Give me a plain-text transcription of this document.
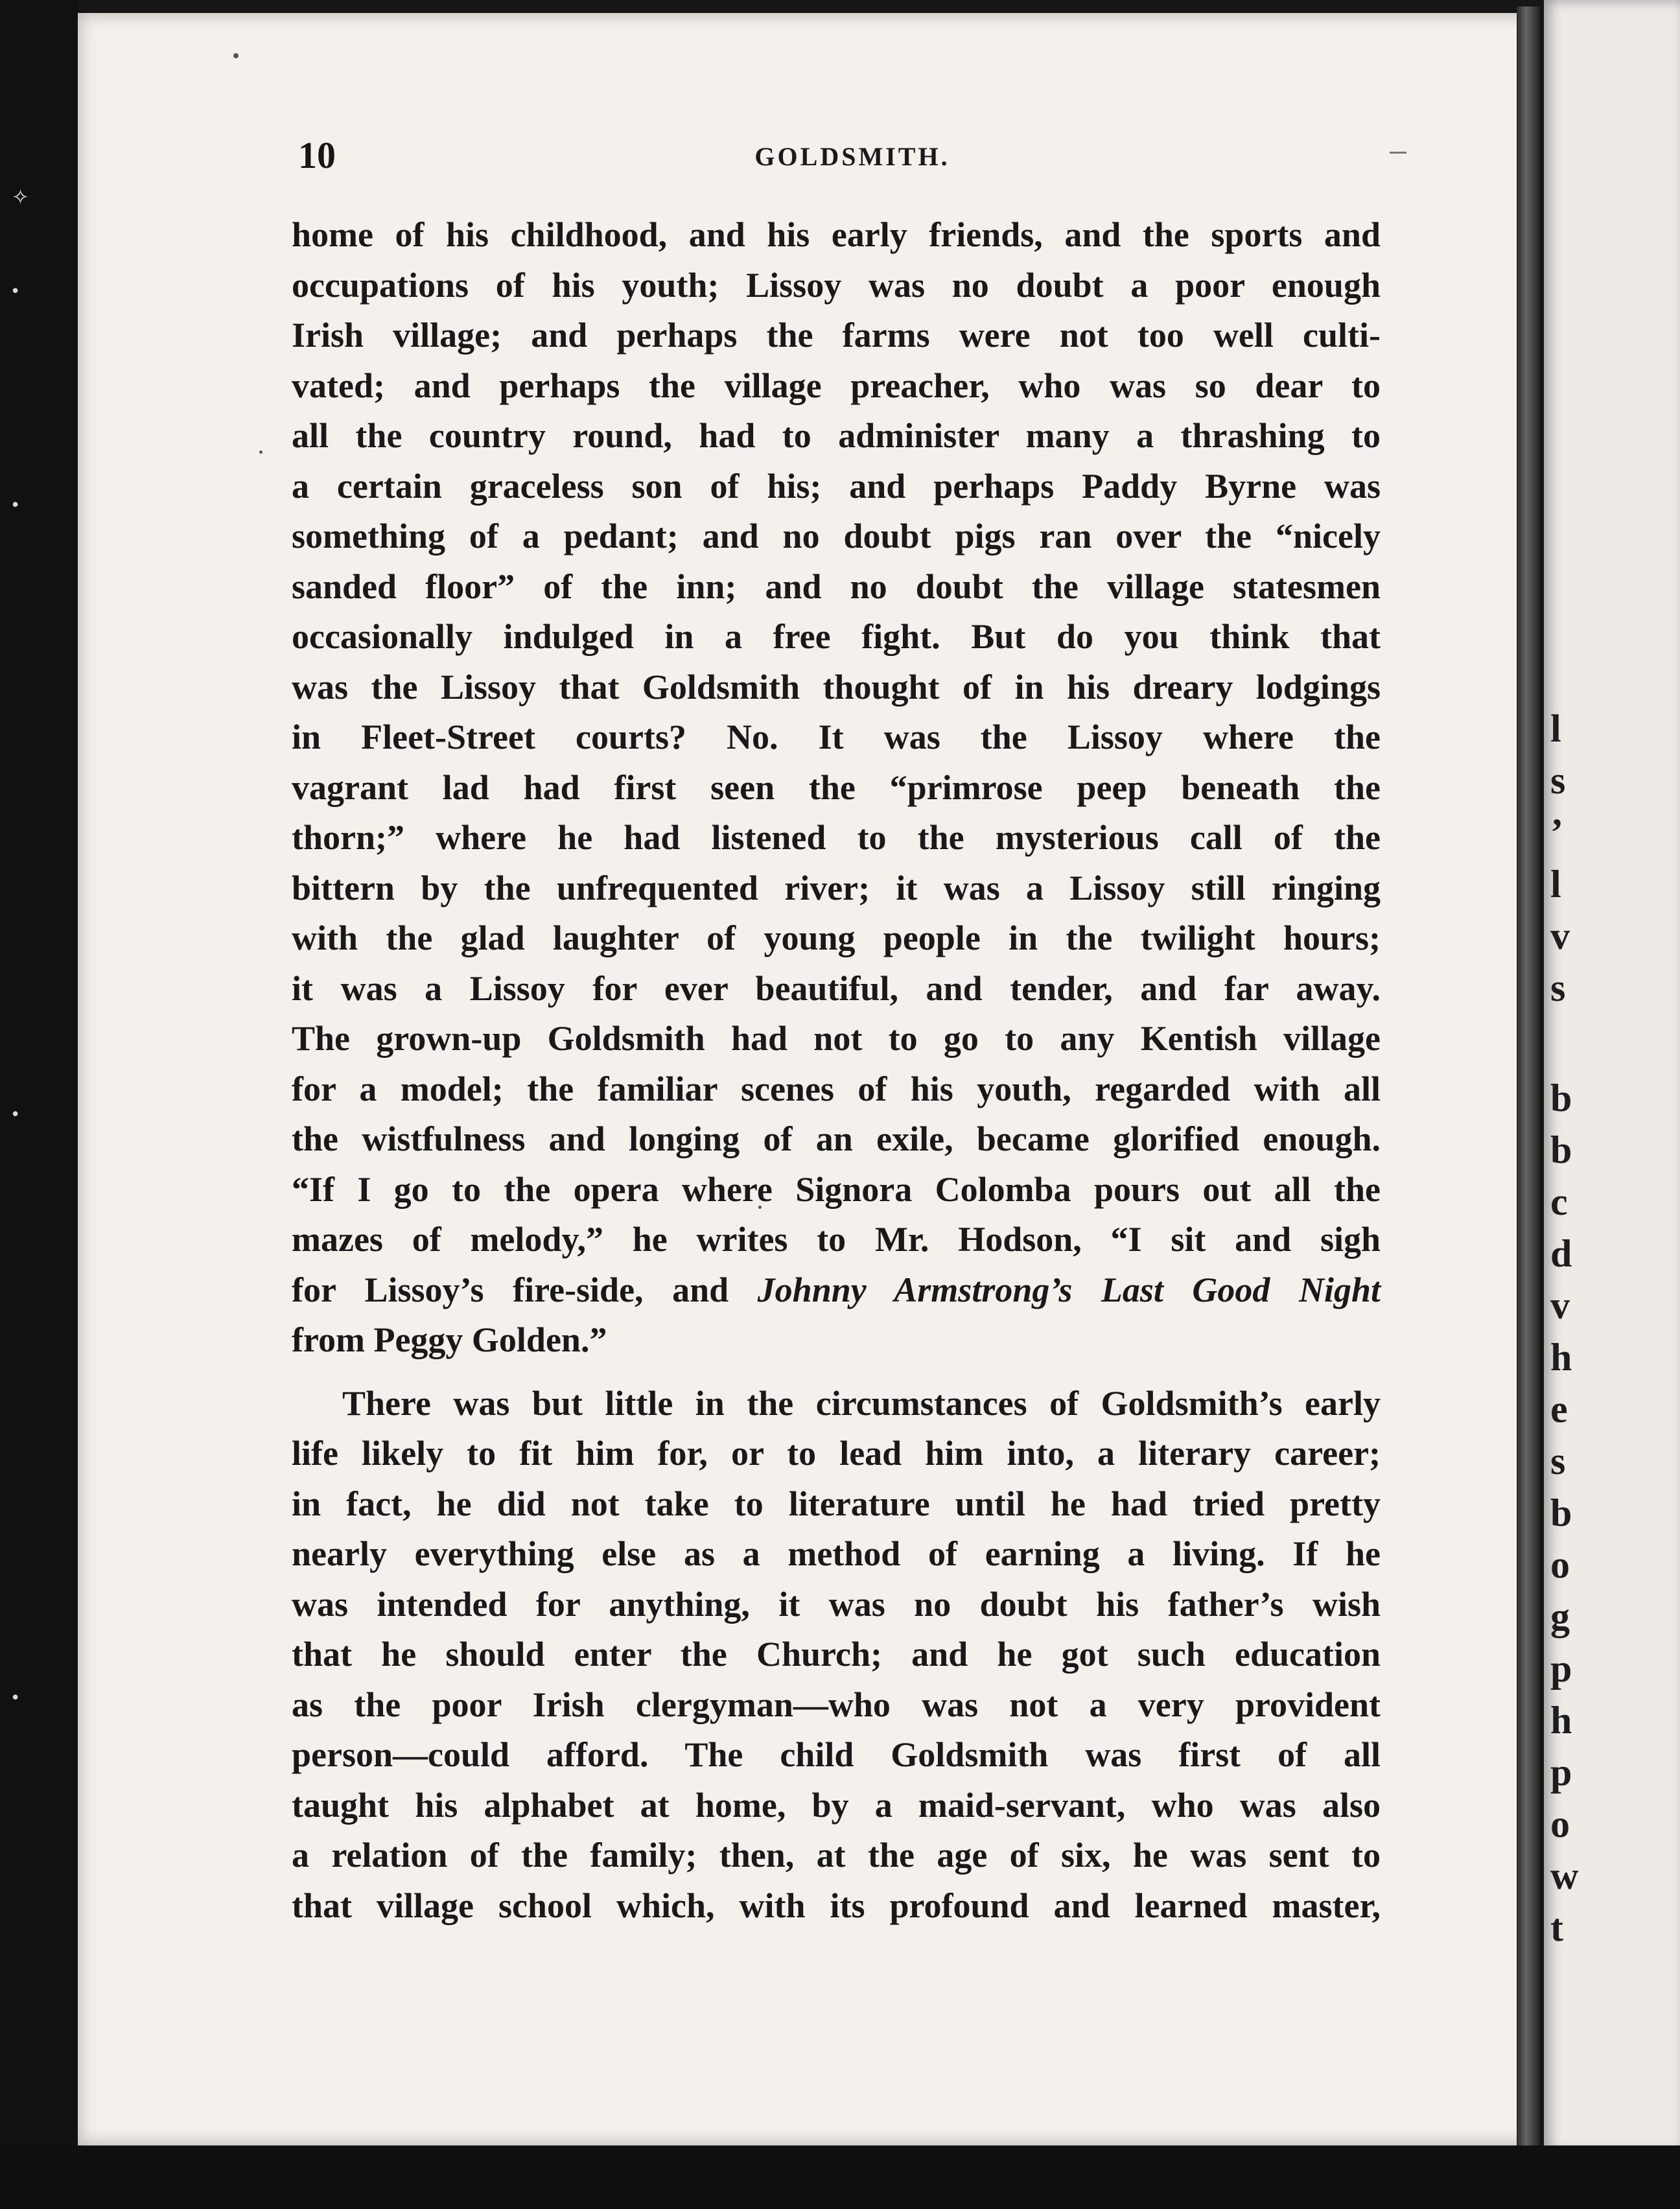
✧
•
•
•
•
l
s
’
l
v
s
b
b
c
d
v
h
e
s
b
o
g
p
h
p
o
w
t
10	GOLDSMITH.
home of his childhood, and his early friends, and the sports and
occupations of his youth; Lissoy was no doubt a poor enough
Irish village; and perhaps the farms were not too well culti-
vated; and perhaps the village preacher, who was so dear to
all the country round, had to administer many a thrashing to
a certain graceless son of his; and perhaps Paddy Byrne was
something of a pedant; and no doubt pigs ran over the “nicely
sanded floor” of the inn; and no doubt the village statesmen
occasionally indulged in a free fight. But do you think that
was the Lissoy that Goldsmith thought of in his dreary lodgings
in Fleet-Street courts? No. It was the Lissoy where the
vagrant lad had first seen the “primrose peep beneath the
thorn;” where he had listened to the mysterious call of the
bittern by the unfrequented river; it was a Lissoy still ringing
with the glad laughter of young people in the twilight hours;
it was a Lissoy for ever beautiful, and tender, and far away.
The grown-up Goldsmith had not to go to any Kentish village
for a model; the familiar scenes of his youth, regarded with all
the wistfulness and longing of an exile, became glorified enough.
“If I go to the opera where Signora Colomba pours out all the
mazes of melody,” he writes to Mr. Hodson, “I sit and sigh
for Lissoy’s fire-side, and Johnny Armstrong’s Last Good Night
from Peggy Golden.”
There was but little in the circumstances of Goldsmith’s early
life likely to fit him for, or to lead him into, a literary career;
in fact, he did not take to literature until he had tried pretty
nearly everything else as a method of earning a living. If he
was intended for anything, it was no doubt his father’s wish
that he should enter the Church; and he got such education
as the poor Irish clergyman—who was not a very provident
person—could afford. The child Goldsmith was first of all
taught his alphabet at home, by a maid-servant, who was also
a relation of the family; then, at the age of six, he was sent to
that village school which, with its profound and learned master,
